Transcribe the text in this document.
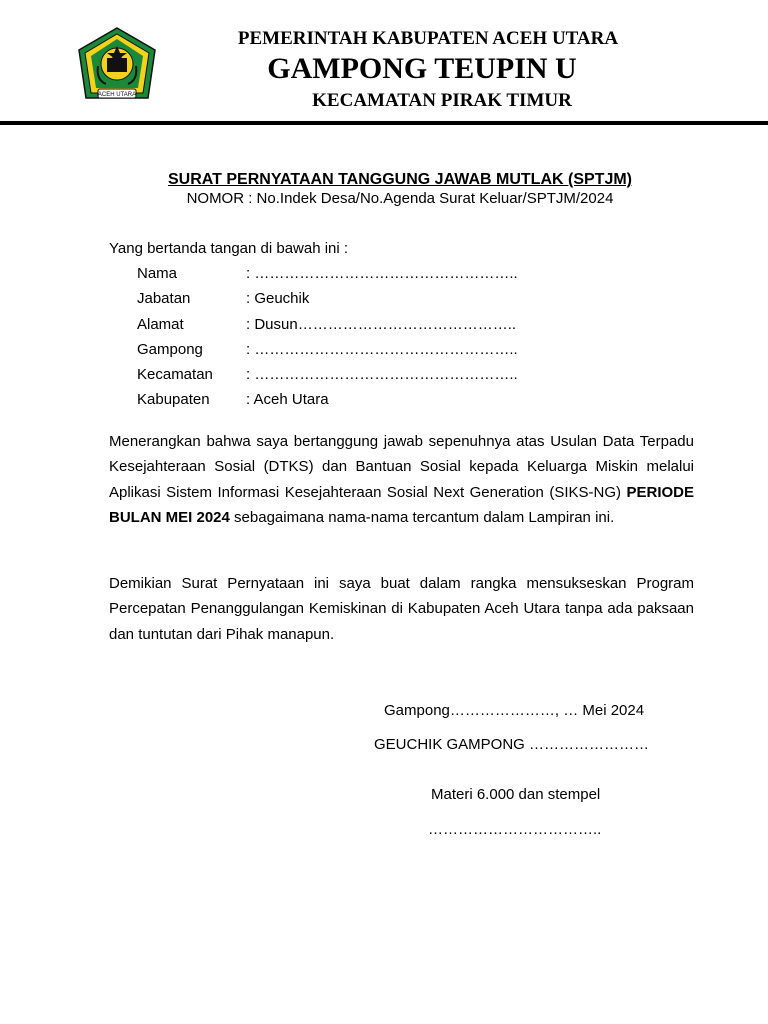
ACEH UTARA
PEMERINTAH KABUPATEN ACEH UTARA
GAMPONG TEUPIN U
KECAMATAN PIRAK TIMUR
SURAT PERNYATAAN TANGGUNG JAWAB MUTLAK (SPTJM)
NOMOR : No.Indek Desa/No.Agenda Surat Keluar/SPTJM/2024
Yang bertanda tangan di bawah ini :
Nama	: ……………………………………………..
Jabatan	: Geuchik
Alamat	: Dusun……………………………………..
Gampong	: ……………………………………………..
Kecamatan : ……………………………………………..
Kabupaten : Aceh Utara
Menerangkan bahwa saya bertanggung jawab sepenuhnya atas Usulan Data Terpadu Kesejahteraan Sosial (DTKS) dan Bantuan Sosial kepada Keluarga Miskin melalui Aplikasi Sistem Informasi Kesejahteraan Sosial Next Generation (SIKS-NG) PERIODE BULAN MEI 2024 sebagaimana nama-nama tercantum dalam Lampiran ini.
Demikian Surat Pernyataan ini saya buat dalam rangka mensukseskan Program Percepatan Penanggulangan Kemiskinan di Kabupaten Aceh Utara tanpa ada paksaan dan tuntutan dari Pihak manapun.
Gampong…………………, … Mei 2024
GEUCHIK GAMPONG ……………………
Materi 6.000 dan stempel
……………………………..
